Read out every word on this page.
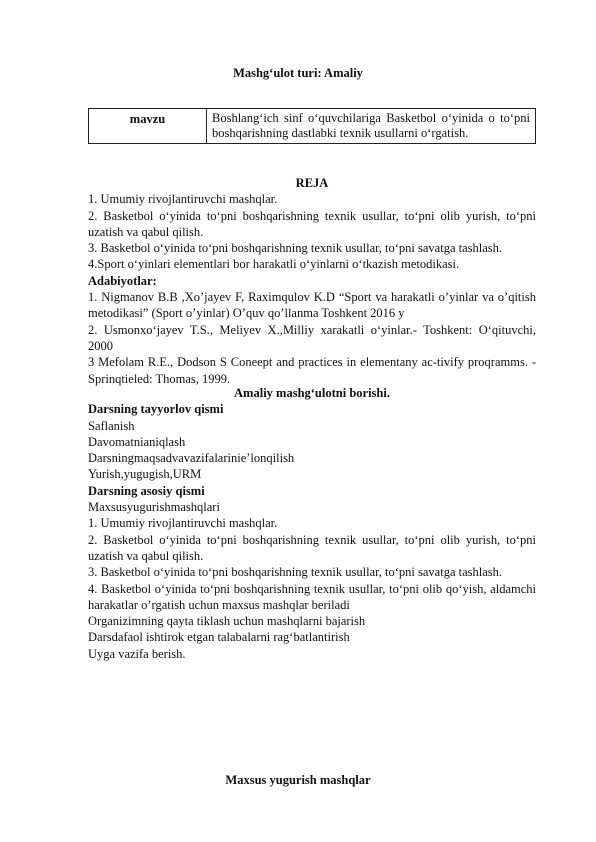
Mashg‘ulot turi: Amaliy
mavzu	Boshlang‘ich sinf o‘quvchilariga Basketbol o‘yinida o to‘pni boshqarishning dastlabki texnik usullarni o‘rgatish.

REJA

1. Umumiy rivojlantiruvchi mashqlar.

2. Basketbol o‘yinida to‘pni boshqarishning texnik usullar, to‘pni olib yurish, to‘pni uzatish va qabul qilish.

3. Basketbol o‘yinida to‘pni boshqarishning texnik usullar, to‘pni savatga tashlash.

4.Sport o‘yinlari elementlari bor harakatli o‘yinlarni o‘tkazish metodikasi.

Adabiyotlar:

1. Nigmanov B.B ,Xo’jayev F, Raximqulov K.D “Sport va harakatli o’yinlar va o’qitish metodikasi” (Sport o’yinlar) O’quv qo’llanma Toshkent 2016 y

2. Usmonxo‘jayev T.S., Meliyev X.,Milliy xarakatli o‘yinlar.- Toshkent: O‘qituvchi, 2000

3 Mefolam R.E., Dodson S Coneept and practices in elementany ac-tivify proqramms. - Sprinqtieled: Thomas, 1999.

Amaliy mashg‘ulotni borishi.

Darsning tayyorlov qismi

Saflanish

Davomatnianiqlash

Darsningmaqsadvavazifalarinie’lonqilish

Yurish,yugugish,URM

Darsning asosiy qismi

Maxsusyugurishmashqlari

1. Umumiy rivojlantiruvchi mashqlar.

2. Basketbol o‘yinida to‘pni boshqarishning texnik usullar, to‘pni olib yurish, to‘pni uzatish va qabul qilish.

3. Basketbol o‘yinida to‘pni boshqarishning texnik usullar, to‘pni savatga tashlash.

4. Basketbol o‘yinida to‘pni boshqarishning texnik usullar, to‘pni olib qo‘yish, aldamchi harakatlar o’rgatish uchun maxsus mashqlar beriladi

Organizimning qayta tiklash uchun mashqlarni bajarish

Darsdafaol ishtirok etgan talabalarni rag‘batlantirish

Uyga vazifa berish.

Maxsus yugurish mashqlar
